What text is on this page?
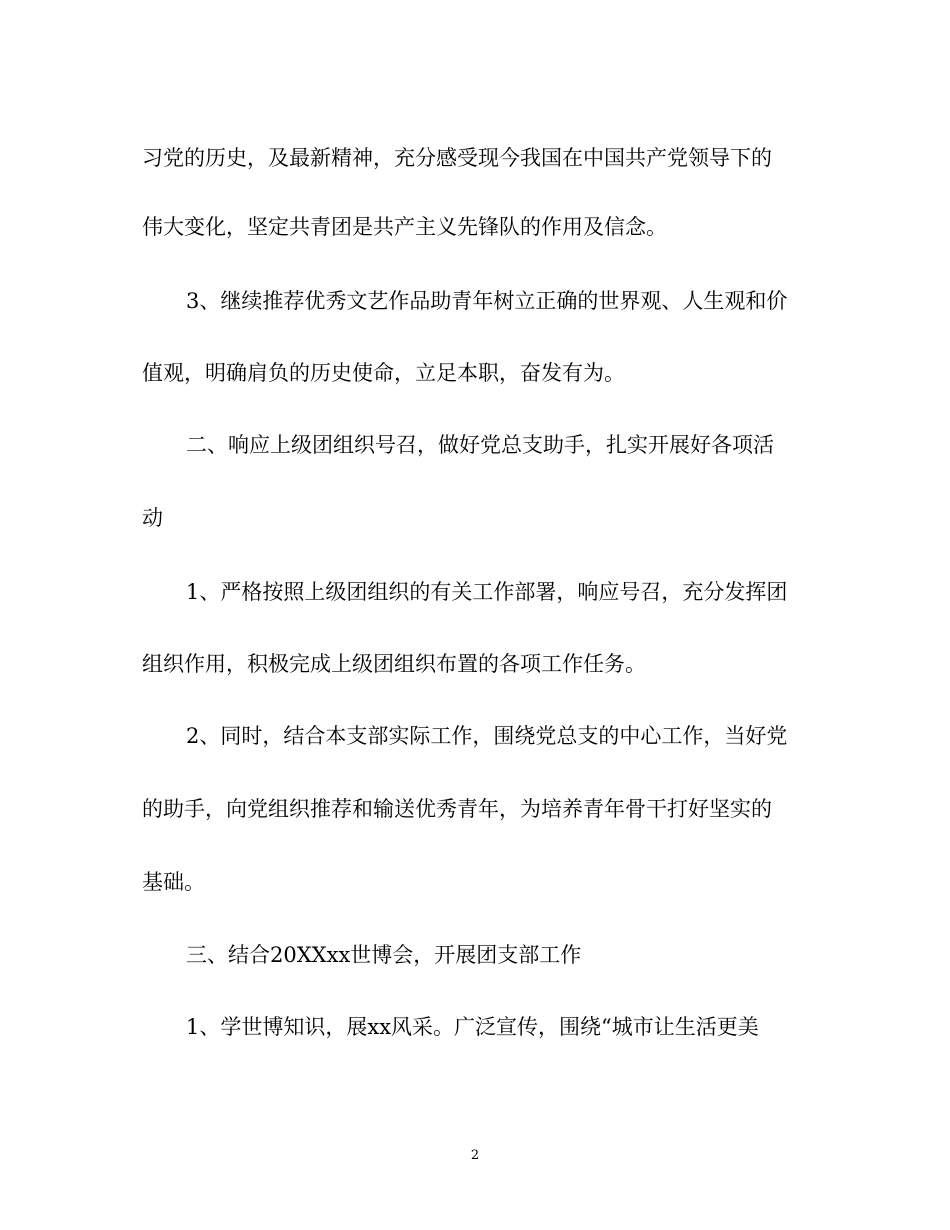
习党的历史，及最新精神，充分感受现今我国在中国共产党领导下的
伟大变化，坚定共青团是共产主义先锋队的作用及信念。
3、继续推荐优秀文艺作品助青年树立正确的世界观、人生观和价
值观，明确肩负的历史使命，立足本职，奋发有为。
二、响应上级团组织号召，做好党总支助手，扎实开展好各项活
动
1、严格按照上级团组织的有关工作部署，响应号召，充分发挥团
组织作用，积极完成上级团组织布置的各项工作任务。
2、同时，结合本支部实际工作，围绕党总支的中心工作，当好党
的助手，向党组织推荐和输送优秀青年，为培养青年骨干打好坚实的
基础。
三、结合20XXxx世博会，开展团支部工作
1、学世博知识，展xx风采。广泛宣传，围绕“城市让生活更美
2
